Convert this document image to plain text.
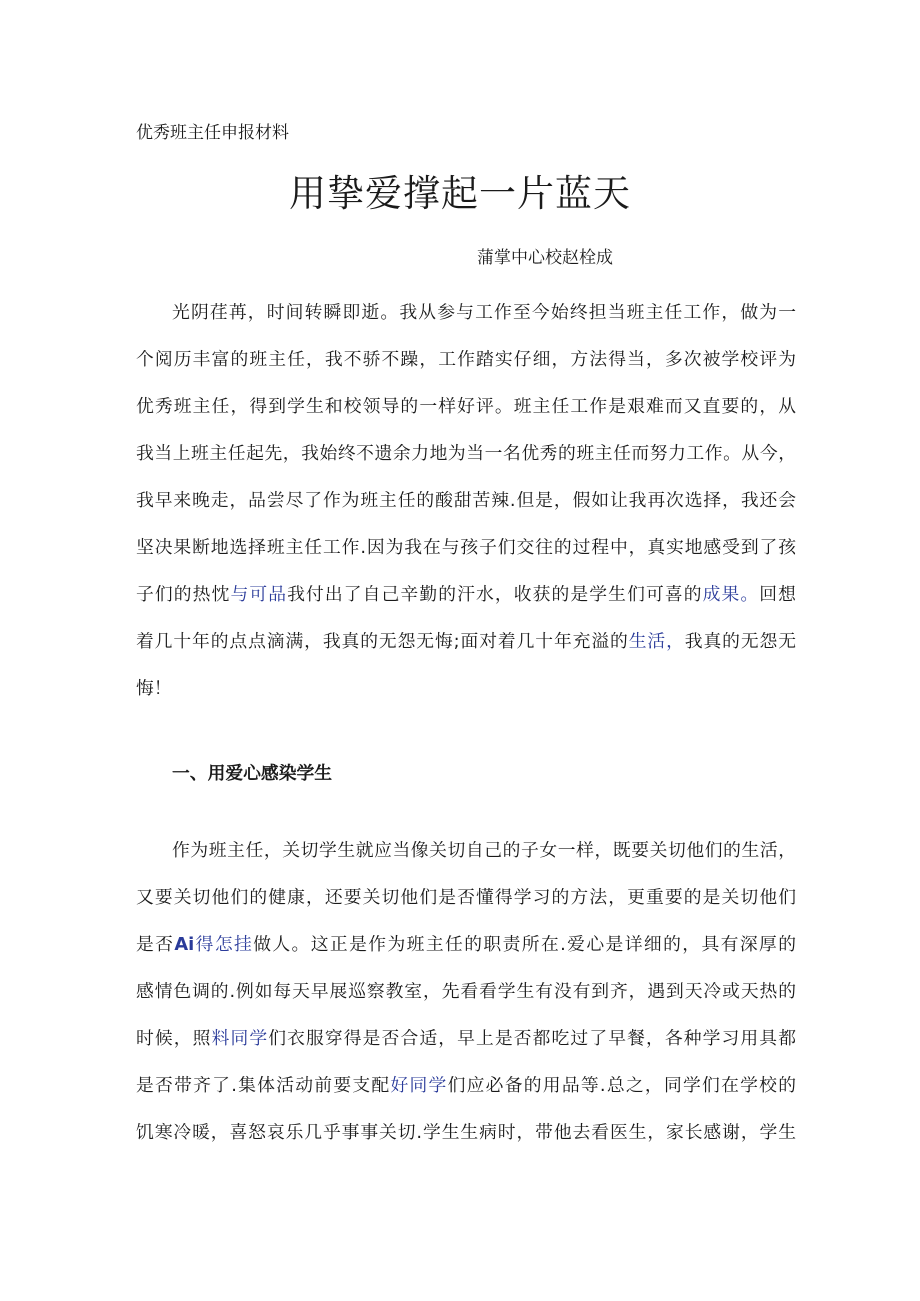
优秀班主任申报材料
用挚爱撑起一片蓝天
蒲掌中心校赵栓成
光阴荏苒，时间转瞬即逝。我从参与工作至今始终担当班主任工作，做为一
个阅历丰富的班主任，我不骄不躁，工作踏实仔细，方法得当，多次被学校评为
优秀班主任，得到学生和校领导的一样好评。班主任工作是艰难而又直要的，从
我当上班主任起先，我始终不遗余力地为当一名优秀的班主任而努力工作。从今，
我早来晚走，品尝尽了作为班主任的酸甜苦辣.但是，假如让我再次选择，我还会
坚决果断地选择班主任工作.因为我在与孩子们交往的过程中，真实地感受到了孩
子们的热忱与可品我付出了自己辛勤的汗水，收获的是学生们可喜的成果。回想
着几十年的点点滴满，我真的无怨无悔;面对着几十年充溢的生活，我真的无怨无
悔！
一、用爱心感染学生
作为班主任，关切学生就应当像关切自己的子女一样，既要关切他们的生活，
又要关切他们的健康，还要关切他们是否懂得学习的方法，更重要的是关切他们
是否Ai得怎挂做人。这正是作为班主任的职责所在.爱心是详细的，具有深厚的
感情色调的.例如每天早展巡察教室，先看看学生有没有到齐，遇到天冷或天热的
时候，照料同学们衣服穿得是否合适，早上是否都吃过了早餐，各种学习用具都
是否带齐了.集体活动前要支配好同学们应必备的用品等.总之，同学们在学校的
饥寒冷暖，喜怒哀乐几乎事事关切.学生生病时，带他去看医生，家长感谢，学生
